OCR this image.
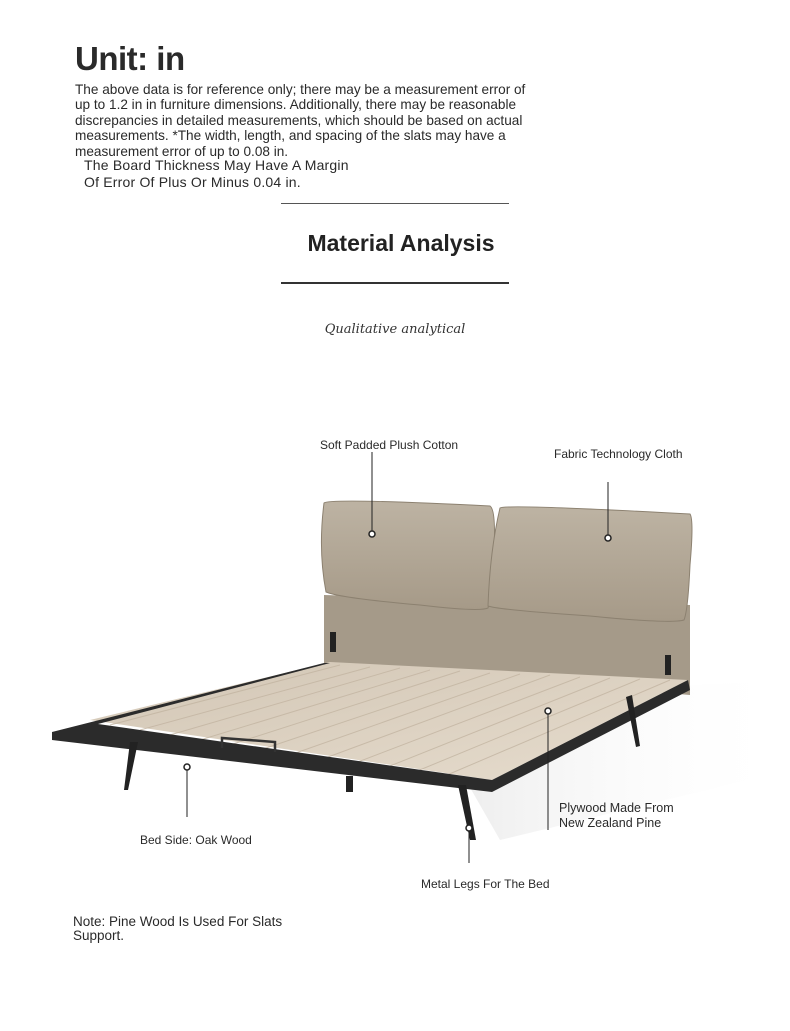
Unit: in
The above data is for reference only; there may be a measurement error of up to 1.2 in in furniture dimensions. Additionally, there may be reasonable discrepancies in detailed measurements, which should be based on actual measurements. *The width, length, and spacing of the slats may have a measurement error of up to 0.08 in.
The Board Thickness May Have A Margin
Of Error Of Plus Or Minus 0.04 in.
Material Analysis
Qualitative analytical
Soft Padded Plush Cotton
Fabric Technology Cloth
Plywood Made From
New Zealand Pine
Bed Side: Oak Wood
Metal Legs For The Bed
Note: Pine Wood Is Used For Slats
Support.
